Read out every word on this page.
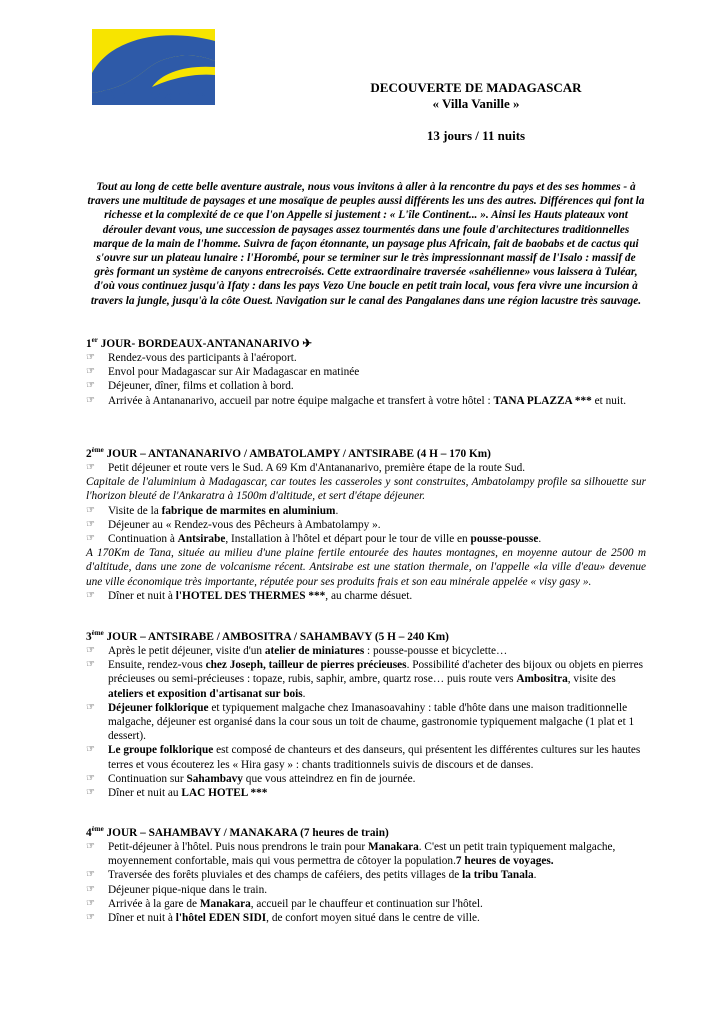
Bleu Marine	DECOUVERTE DE MADAGASCAR
« Villa Vanille »
13 jours / 11 nuits
Tout au long de cette belle aventure australe, nous vous invitons à aller à la rencontre du pays et des ses hommes - à travers une multitude de paysages et une mosaïque de peuples aussi différents les uns des autres. Différences qui font la richesse et la complexité de ce que l'on Appelle si justement : « L'île Continent... ». Ainsi les Hauts plateaux vont dérouler devant vous, une succession de paysages assez tourmentés dans une foule d'architectures traditionnelles marque de la main de l'homme. Suivra de façon étonnante, un paysage plus Africain, fait de baobabs et de cactus qui s'ouvre sur un plateau lunaire : l'Horombé, pour se terminer sur le très impressionnant massif de l'Isalo : massif de grès formant un système de canyons entrecroisés. Cette extraordinaire traversée «sahélienne» vous laissera à Tuléar, d'où vous continuez jusqu'à Ifaty : dans les pays Vezo Une boucle en petit train local, vous fera vivre une incursion à travers la jungle, jusqu'à la côte Ouest. Navigation sur le canal des Pangalanes dans une région lacustre très sauvage.
1er JOUR- BORDEAUX-ANTANANARIVO ✈
☞ Rendez-vous des participants à l'aéroport.
☞ Envol pour Madagascar sur Air Madagascar en matinée
☞ Déjeuner, dîner, films et collation à bord.
☞ Arrivée à Antananarivo, accueil par notre équipe malgache et transfert à votre hôtel : TANA PLAZZA *** et nuit.
2ème JOUR – ANTANANARIVO / AMBATOLAMPY / ANTSIRABE (4 H – 170 Km)
☞ Petit déjeuner et route vers le Sud. A 69 Km d'Antananarivo, première étape de la route Sud.
Capitale de l'aluminium à Madagascar, car toutes les casseroles y sont construites, Ambatolampy profile sa silhouette sur l'horizon bleuté de l'Ankaratra à 1500m d'altitude, et sert d'étape déjeuner.
☞ Visite de la fabrique de marmites en aluminium.
☞ Déjeuner au « Rendez-vous des Pêcheurs à Ambatolampy ».
☞ Continuation à Antsirabe, Installation à l'hôtel et départ pour le tour de ville en pousse-pousse.
A 170Km de Tana, située au milieu d'une plaine fertile entourée des hautes montagnes, en moyenne autour de 2500 m d'altitude, dans une zone de volcanisme récent. Antsirabe est une station thermale, on l'appelle «la ville d'eau» devenue une ville économique très importante, réputée pour ses produits frais et son eau minérale appelée « visy gasy ».
☞ Dîner et nuit à l'HOTEL DES THERMES ***, au charme désuet.
3ème JOUR – ANTSIRABE / AMBOSITRA / SAHAMBAVY (5 H – 240 Km)
☞ Après le petit déjeuner, visite d'un atelier de miniatures : pousse-pousse et bicyclette…
☞ Ensuite, rendez-vous chez Joseph, tailleur de pierres précieuses. Possibilité d'acheter des bijoux ou objets en pierres précieuses ou semi-précieuses : topaze, rubis, saphir, ambre, quartz rose… puis route vers Ambositra, visite des ateliers et exposition d'artisanat sur bois.
☞ Déjeuner folklorique et typiquement malgache chez Imanasoavahiny : table d'hôte dans une maison traditionnelle malgache, déjeuner est organisé dans la cour sous un toit de chaume, gastronomie typiquement malgache (1 plat et 1 dessert).
☞ Le groupe folklorique est composé de chanteurs et des danseurs, qui présentent les différentes cultures sur les hautes terres et vous écouterez les « Hira gasy » : chants traditionnels suivis de discours et de danses.
☞ Continuation sur Sahambavy que vous atteindrez en fin de journée.
☞ Dîner et nuit au LAC HOTEL ***
4ème JOUR – SAHAMBAVY / MANAKARA (7 heures de train)
☞ Petit-déjeuner à l'hôtel. Puis nous prendrons le train pour Manakara. C'est un petit train typiquement malgache, moyennement confortable, mais qui vous permettra de côtoyer la population.7 heures de voyages.
☞ Traversée des forêts pluviales et des champs de caféiers, des petits villages de la tribu Tanala.
☞ Déjeuner pique-nique dans le train.
☞ Arrivée à la gare de Manakara, accueil par le chauffeur et continuation sur l'hôtel.
☞ Dîner et nuit à l'hôtel EDEN SIDI, de confort moyen situé dans le centre de ville.
